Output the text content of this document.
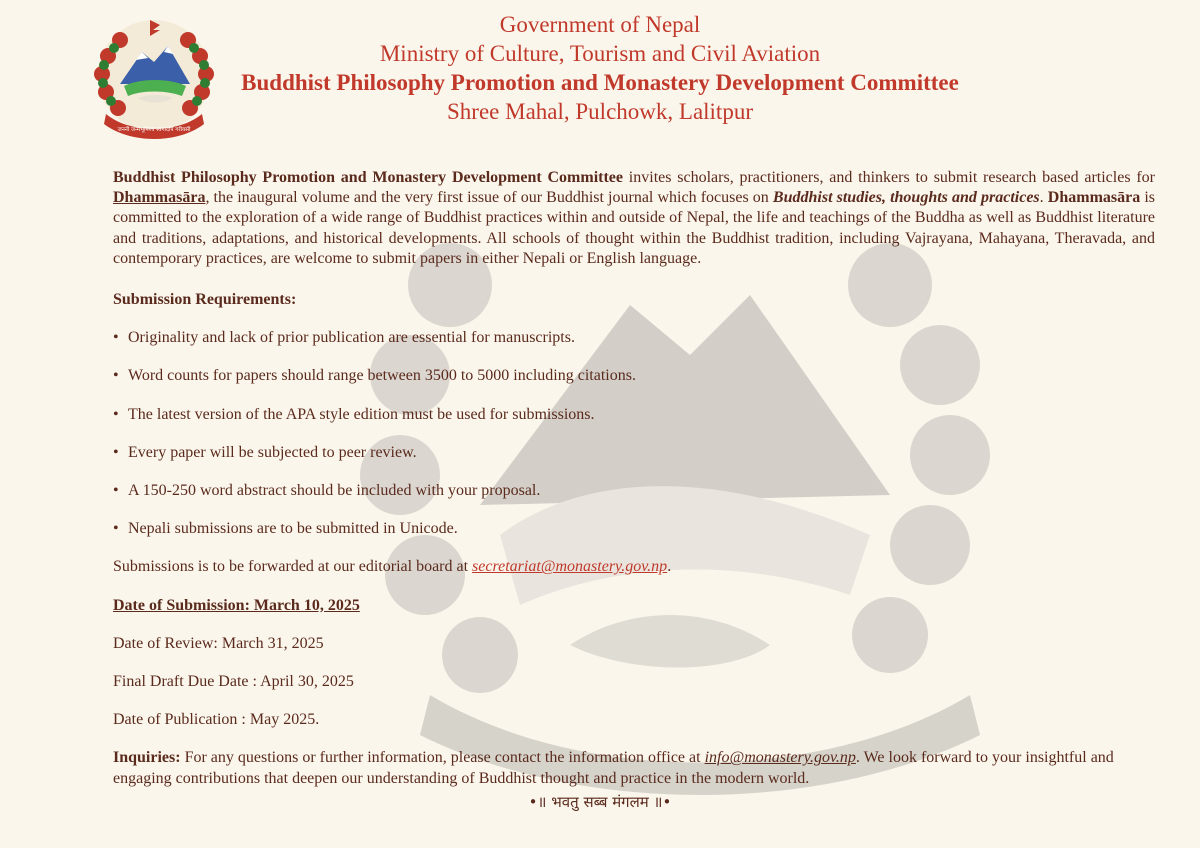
जननी जन्मभूमिश्च स्वर्गादपि गरीयसी
Government of Nepal
Ministry of Culture, Tourism and Civil Aviation
Buddhist Philosophy Promotion and Monastery Development Committee
Shree Mahal, Pulchowk, Lalitpur

Buddhist Philosophy Promotion and Monastery Development Committee invites scholars, practitioners, and thinkers to submit research based articles for Dhammasāra, the inaugural volume and the very first issue of our Buddhist journal which focuses on Buddhist studies, thoughts and practices. Dhammasāra is committed to the exploration of a wide range of Buddhist practices within and outside of Nepal, the life and teachings of the Buddha as well as Buddhist literature and traditions, adaptations, and historical developments. All schools of thought within the Buddhist tradition, including Vajrayana, Mahayana, Theravada, and contemporary practices, are welcome to submit papers in either Nepali or English language.

Submission Requirements:
• Originality and lack of prior publication are essential for manuscripts.
• Word counts for papers should range between 3500 to 5000 including citations.
• The latest version of the APA style edition must be used for submissions.
• Every paper will be subjected to peer review.
• A 150-250 word abstract should be included with your proposal.
• Nepali submissions are to be submitted in Unicode.
Submissions is to be forwarded at our editorial board at secretariat@monastery.gov.np.
Date of Submission: March 10, 2025
Date of Review: March 31, 2025
Final Draft Due Date : April 30, 2025
Date of Publication : May 2025.
Inquiries: For any questions or further information, please contact the information office at info@monastery.gov.np. We look forward to your insightful and engaging contributions that deepen our understanding of Buddhist thought and practice in the modern world.
•॥ भवतु सब्ब मंगलम ॥•
